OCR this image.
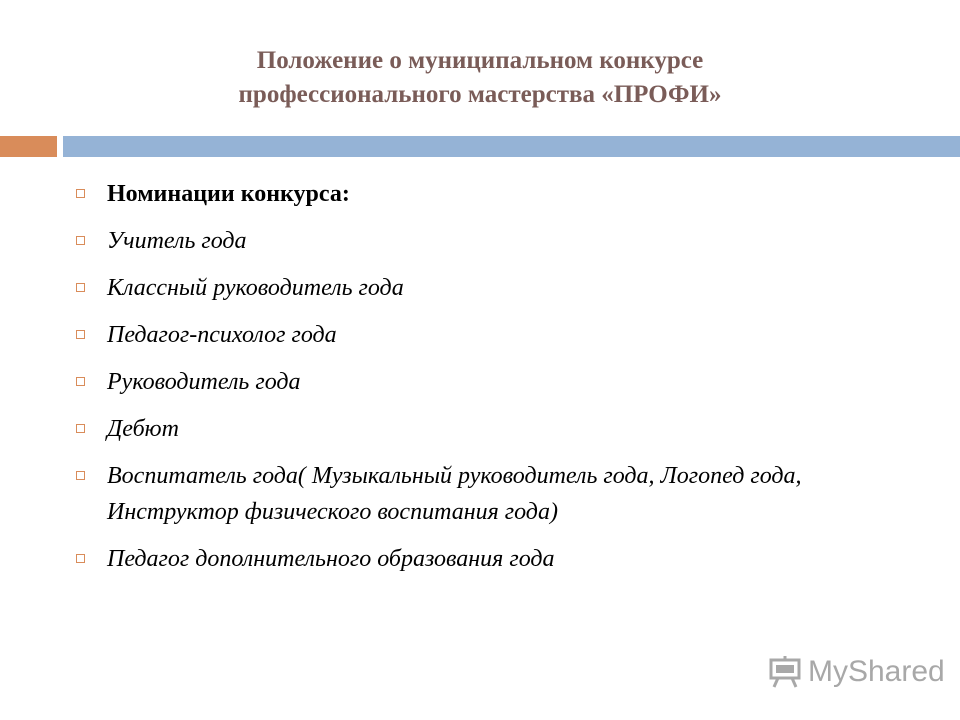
Положение о муниципальном конкурсе
профессионального мастерства «ПРОФИ»
Номинации конкурса:
Учитель года
Классный руководитель года
Педагог-психолог года
Руководитель года
Дебют
Воспитатель года( Музыкальный руководитель года, Логопед года, Инструктор физического воспитания года)
Педагог дополнительного образования года
MyShared
